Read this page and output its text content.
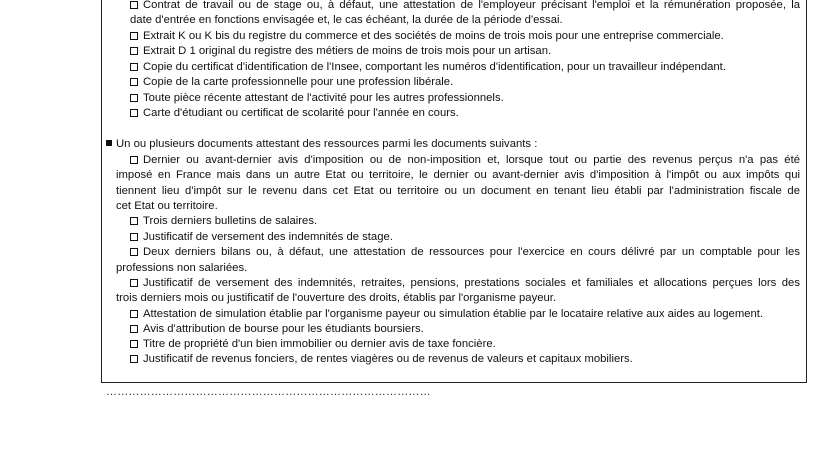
Contrat de travail ou de stage ou, à défaut, une attestation de l'employeur précisant l'emploi et la rémunération proposée, la
date d'entrée en fonctions envisagée et, le cas échéant, la durée de la période d'essai.
Extrait K ou K bis du registre du commerce et des sociétés de moins de trois mois pour une entreprise commerciale.
Extrait D 1 original du registre des métiers de moins de trois mois pour un artisan.
Copie du certificat d'identification de l'Insee, comportant les numéros d'identification, pour un travailleur indépendant.
Copie de la carte professionnelle pour une profession libérale.
Toute pièce récente attestant de l'activité pour les autres professionnels.
Carte d'étudiant ou certificat de scolarité pour l'année en cours.
Un ou plusieurs documents attestant des ressources parmi les documents suivants :
Dernier ou avant-dernier avis d'imposition ou de non-imposition et, lorsque tout ou partie des revenus perçus n'a pas été
imposé en France mais dans un autre Etat ou territoire, le dernier ou avant-dernier avis d'imposition à l'impôt ou aux impôts qui
tiennent lieu d'impôt sur le revenu dans cet Etat ou territoire ou un document en tenant lieu établi par l'administration fiscale de
cet Etat ou territoire.
Trois derniers bulletins de salaires.
Justificatif de versement des indemnités de stage.
Deux derniers bilans ou, à défaut, une attestation de ressources pour l'exercice en cours délivré par un comptable pour les
professions non salariées.
Justificatif de versement des indemnités, retraites, pensions, prestations sociales et familiales et allocations perçues lors des
trois derniers mois ou justificatif de l'ouverture des droits, établis par l'organisme payeur.
Attestation de simulation établie par l'organisme payeur ou simulation établie par le locataire relative aux aides au logement.
Avis d'attribution de bourse pour les étudiants boursiers.
Titre de propriété d'un bien immobilier ou dernier avis de taxe foncière.
Justificatif de revenus fonciers, de rentes viagères ou de revenus de valeurs et capitaux mobiliers.
……………………………………………………………………………
